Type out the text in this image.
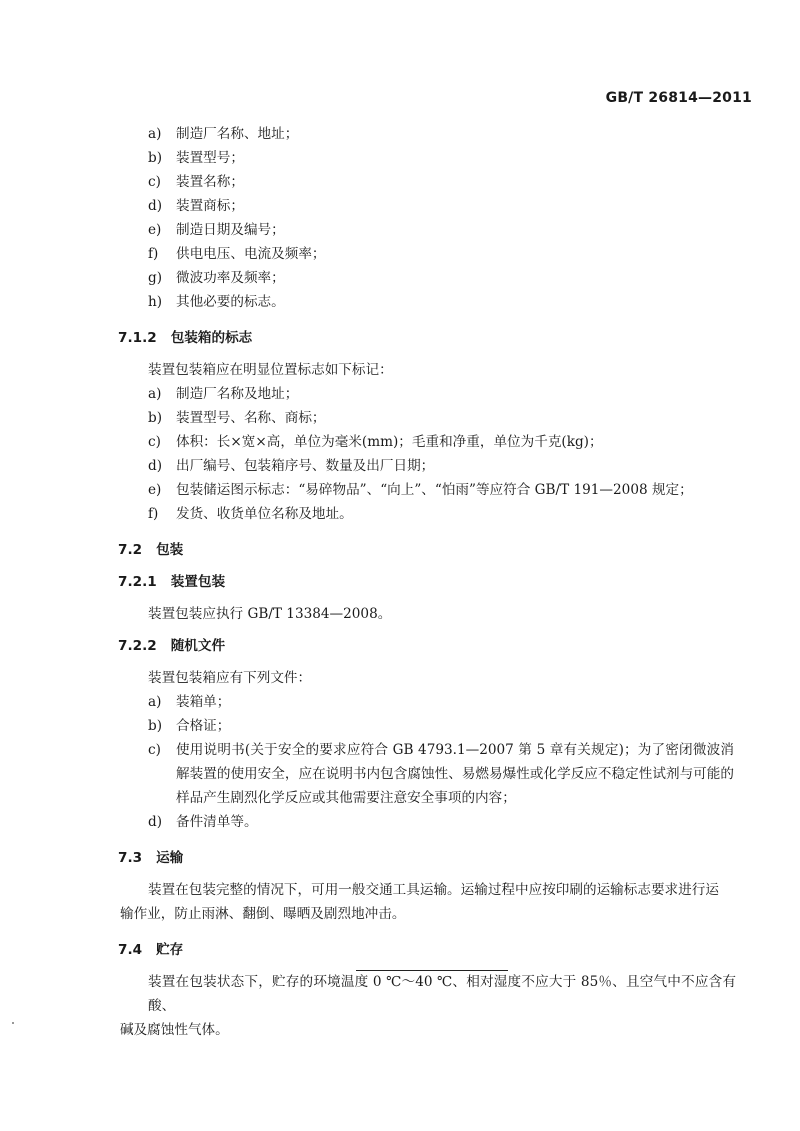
GB/T 26814—2011
a) 制造厂名称、地址；
b) 装置型号；
c) 装置名称；
d) 装置商标；
e) 制造日期及编号；
f) 供电电压、电流及频率；
g) 微波功率及频率；
h) 其他必要的标志。
7.1.2 包装箱的标志
装置包装箱应在明显位置标志如下标记：
a) 制造厂名称及地址；
b) 装置型号、名称、商标；
c) 体积：长×宽×高，单位为毫米(mm)；毛重和净重，单位为千克(kg)；
d) 出厂编号、包装箱序号、数量及出厂日期；
e) 包装储运图示标志：“易碎物品”、“向上”、“怕雨”等应符合 GB/T 191—2008 规定；
f) 发货、收货单位名称及地址。
7.2 包装
7.2.1 装置包装
装置包装应执行 GB/T 13384—2008。
7.2.2 随机文件
装置包装箱应有下列文件：
a) 装箱单；
b) 合格证；
c) 使用说明书(关于安全的要求应符合 GB 4793.1—2007 第 5 章有关规定)；为了密闭微波消解装置的使用安全，应在说明书内包含腐蚀性、易燃易爆性或化学反应不稳定性试剂与可能的样品产生剧烈化学反应或其他需要注意安全事项的内容；
d) 备件清单等。
7.3 运输
装置在包装完整的情况下，可用一般交通工具运输。运输过程中应按印刷的运输标志要求进行运
输作业，防止雨淋、翻倒、曝晒及剧烈地冲击。
7.4 贮存
装置在包装状态下，贮存的环境温度 0 ℃～40 ℃、相对湿度不应大于 85％、且空气中不应含有酸、
碱及腐蚀性气体。
